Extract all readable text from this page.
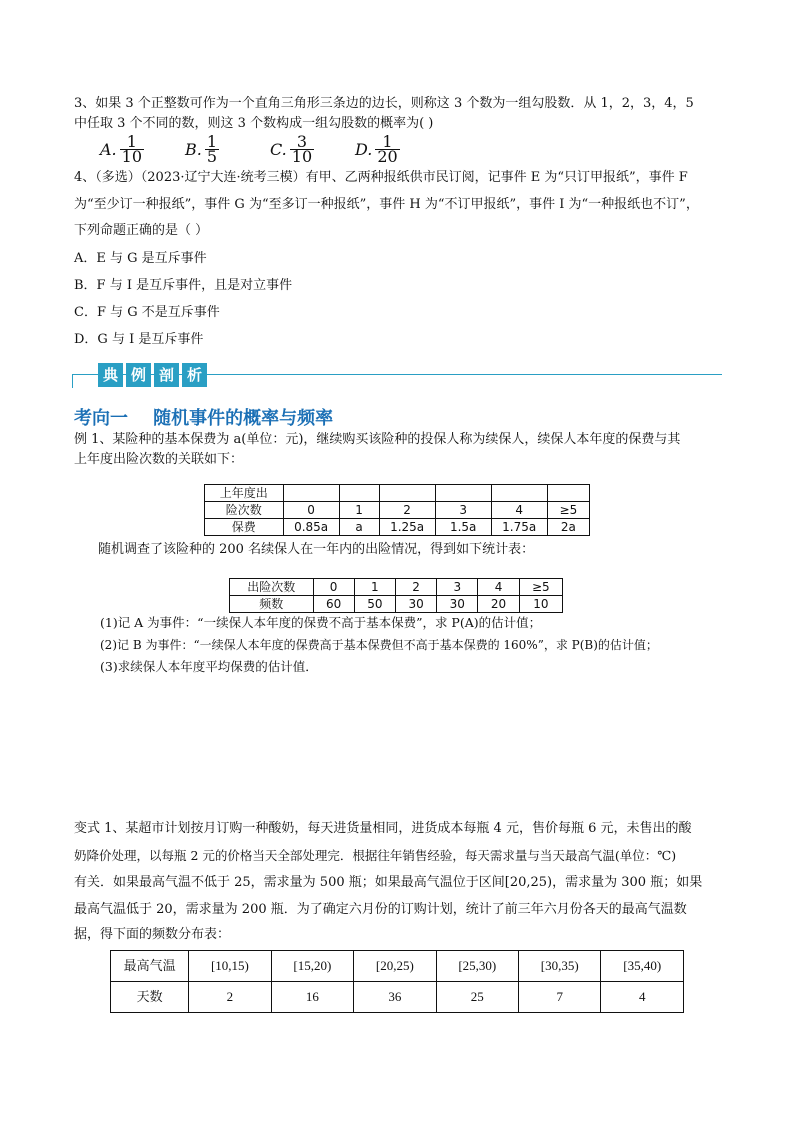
3、如果 3 个正整数可作为一个直角三角形三条边的边长，则称这 3 个数为一组勾股数．从 1，2，3，4，5
中任取 3 个不同的数，则这 3 个数构成一组勾股数的概率为( )
A. $\frac{1}{10}$	B. $\frac{1}{5}$	C. $\frac{3}{10}$	D. $\frac{1}{20}$
4、（多选）（2023·辽宁大连·统考三模）有甲、乙两种报纸供市民订阅，记事件 E 为“只订甲报纸”，事件 F
为“至少订一种报纸”，事件 G 为“至多订一种报纸”，事件 H 为“不订甲报纸”，事件 I 为“一种报纸也不订”，
下列命题正确的是（ ）
A．E 与 G 是互斥事件
B．F 与 I 是互斥事件，且是对立事件
C．F 与 G 不是互斥事件
D．G 与 I 是互斥事件
典 例 剖 析
考向一    随机事件的概率与频率
例 1、某险种的基本保费为 a(单位：元)，继续购买该险种的投保人称为续保人，续保人本年度的保费与其
上年度出险次数的关联如下：
上年度出						
险次数	0	1	2	3	4	≥5
保费	0.85a	a	1.25a	1.5a	1.75a	2a
随机调查了该险种的 200 名续保人在一年内的出险情况，得到如下统计表：
出险次数	0	1	2	3	4	≥5
频数	60	50	30	30	20	10
(1)记 A 为事件：“一续保人本年度的保费不高于基本保费”，求 P(A)的估计值；
(2)记 B 为事件：“一续保人本年度的保费高于基本保费但不高于基本保费的 160%”，求 P(B)的估计值；
(3)求续保人本年度平均保费的估计值．
变式 1、某超市计划按月订购一种酸奶，每天进货量相同，进货成本每瓶 4 元，售价每瓶 6 元，未售出的酸
奶降价处理，以每瓶 2 元的价格当天全部处理完．根据往年销售经验，每天需求量与当天最高气温(单位：℃)
有关．如果最高气温不低于 25，需求量为 500 瓶；如果最高气温位于区间[20,25)，需求量为 300 瓶；如果
最高气温低于 20，需求量为 200 瓶．为了确定六月份的订购计划，统计了前三年六月份各天的最高气温数
据，得下面的频数分布表：
最高气温	[10,15)	[15,20)	[20,25)	[25,30)	[30,35)	[35,40)
天数	2	16	36	25	7	4
